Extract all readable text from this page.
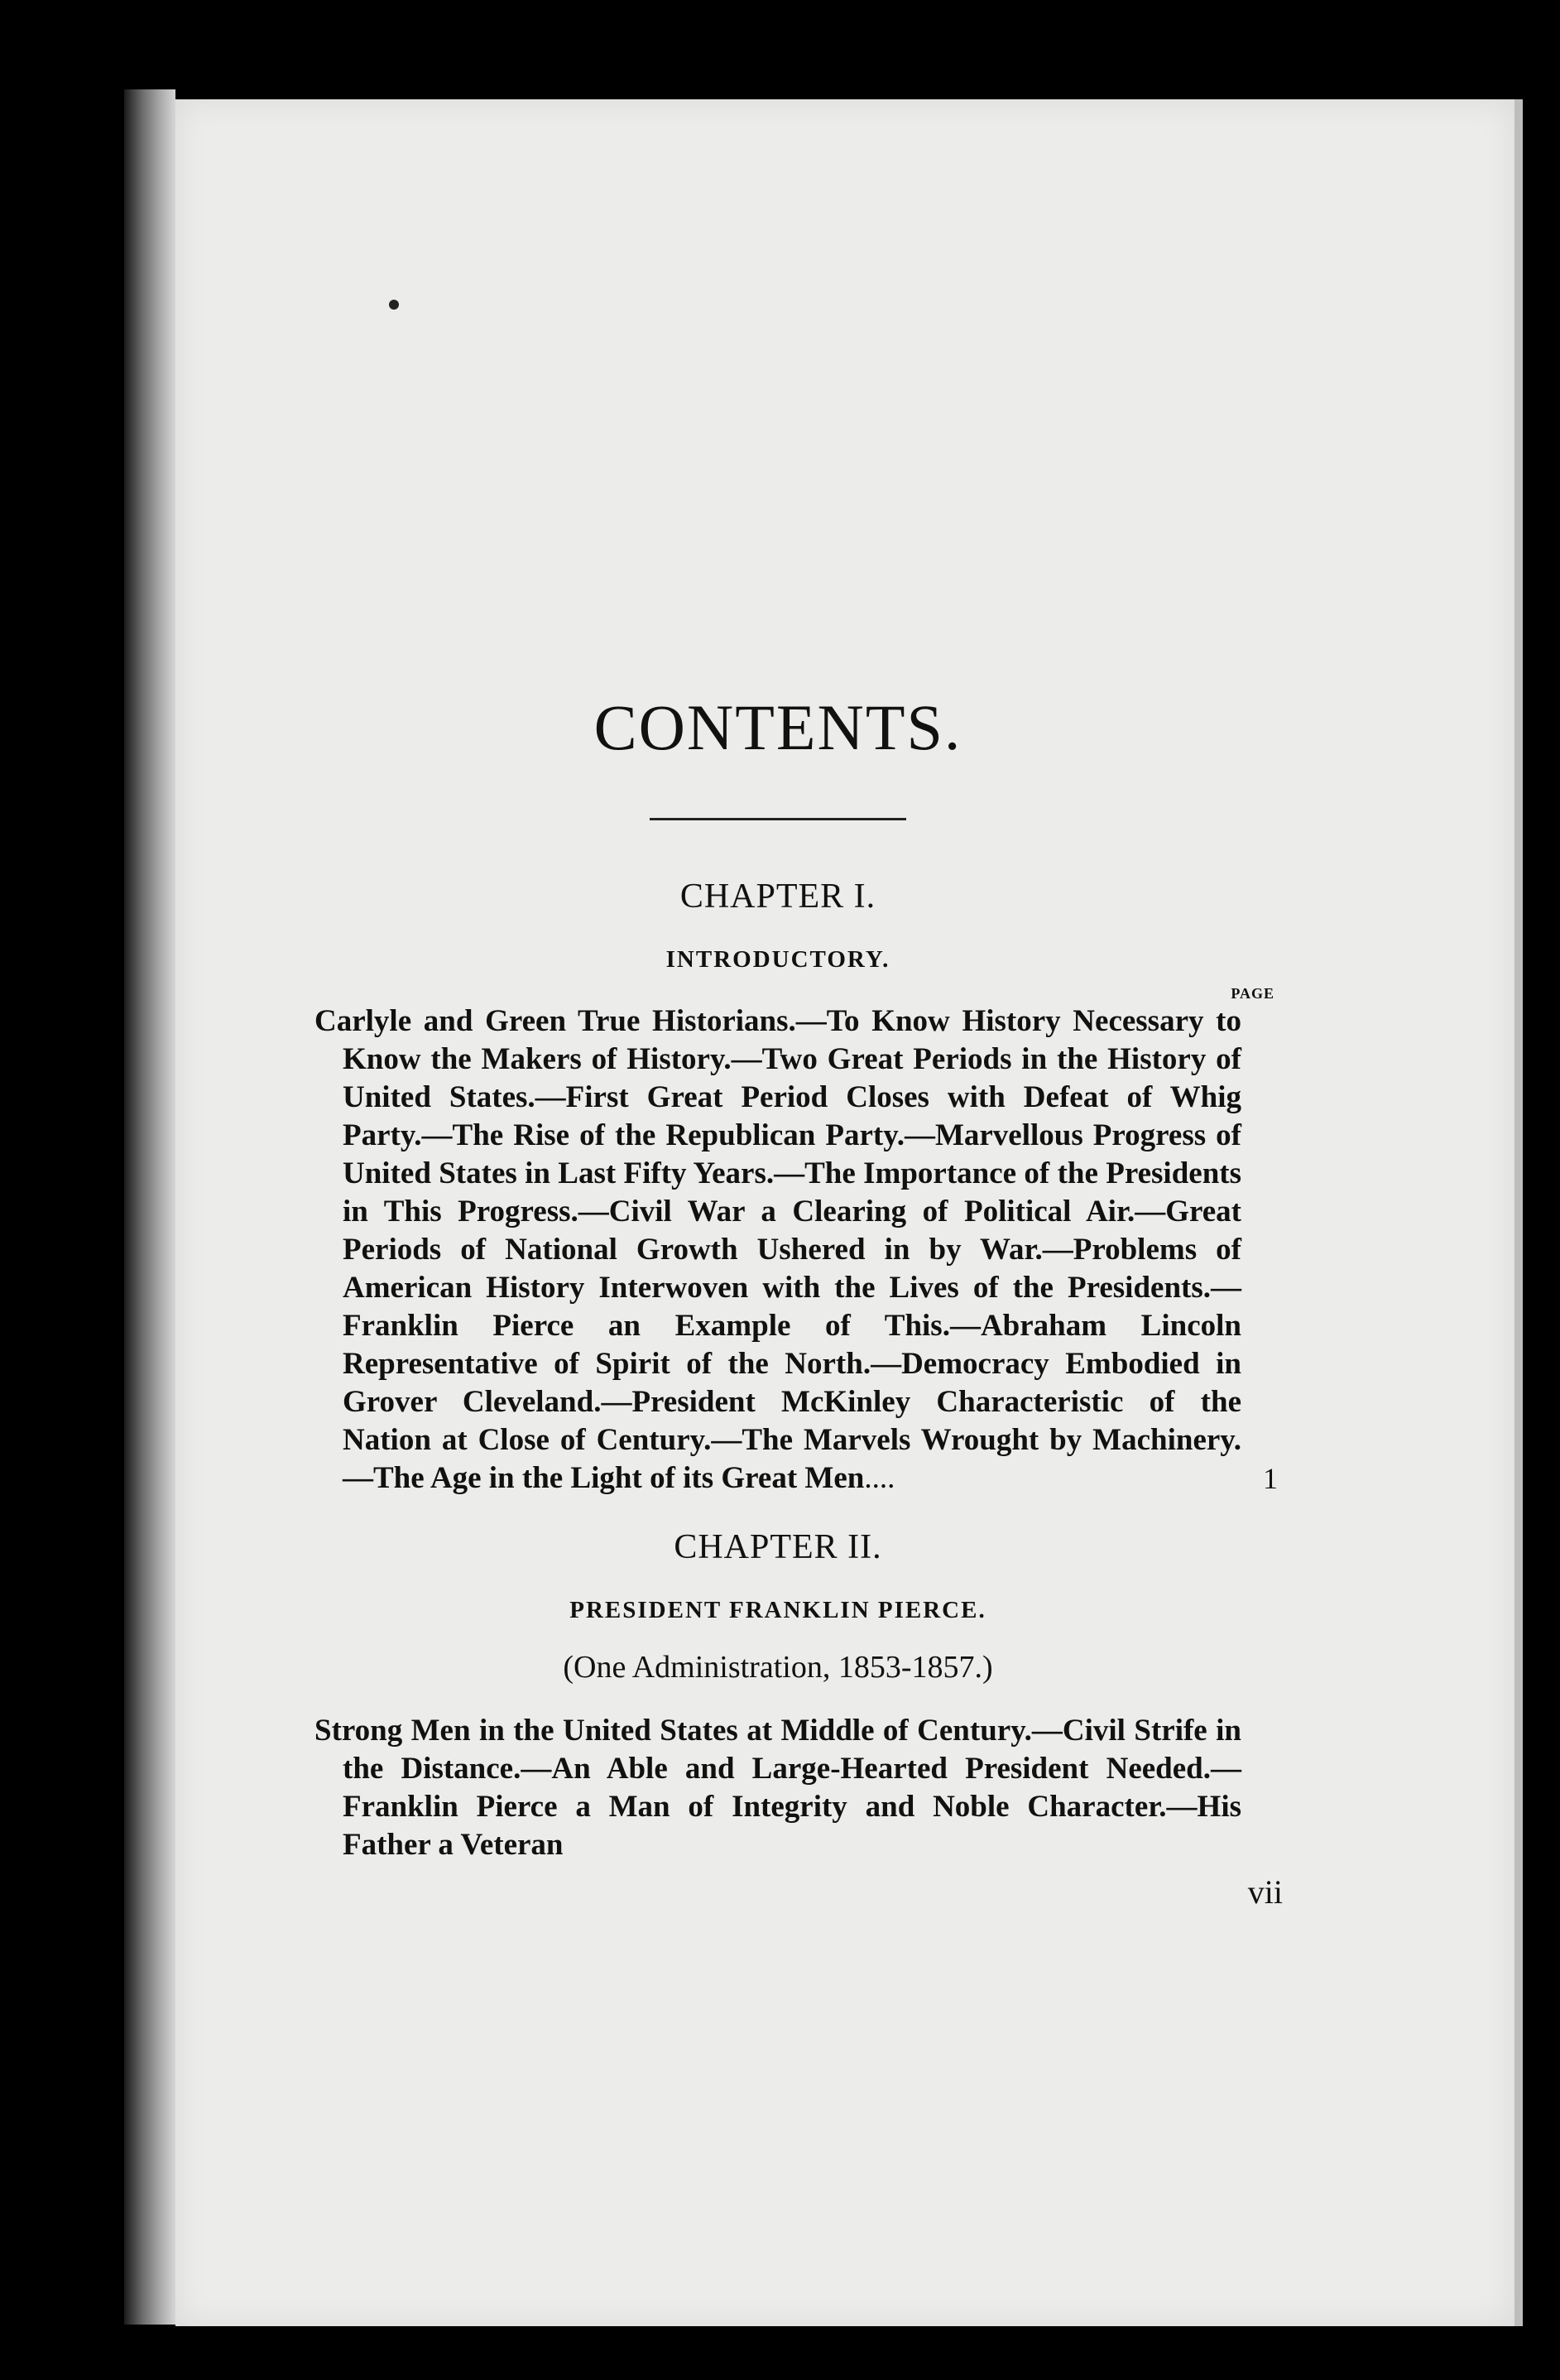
CONTENTS.
CHAPTER I.
INTRODUCTORY.
PAGE

Carlyle and Green True Historians.—To Know History Necessary to Know the Makers of History.—Two Great Periods in the History of United States.—First Great Period Closes with Defeat of Whig Party.—The Rise of the Republican Party.—Marvellous Progress of United States in Last Fifty Years.—The Importance of the Presidents in This Progress.—Civil War a Clearing of Political Air.—Great Periods of National Growth Ushered in by War.—Problems of American History Interwoven with the Lives of the Presidents.—Franklin Pierce an Example of This.—Abraham Lincoln Representative of Spirit of the North.—Democracy Embodied in Grover Cleveland.—President McKinley Characteristic of the Nation at Close of Century.—The Marvels Wrought by Machinery.—The Age in the Light of its Great Men....

CHAPTER II.
PRESIDENT FRANKLIN PIERCE.
(One Administration, 1853-1857.)

Strong Men in the United States at Middle of Century.—Civil Strife in the Distance.—An Able and Large-Hearted President Needed.—Franklin Pierce a Man of Integrity and Noble Character.—His Father a Veteran

vii
